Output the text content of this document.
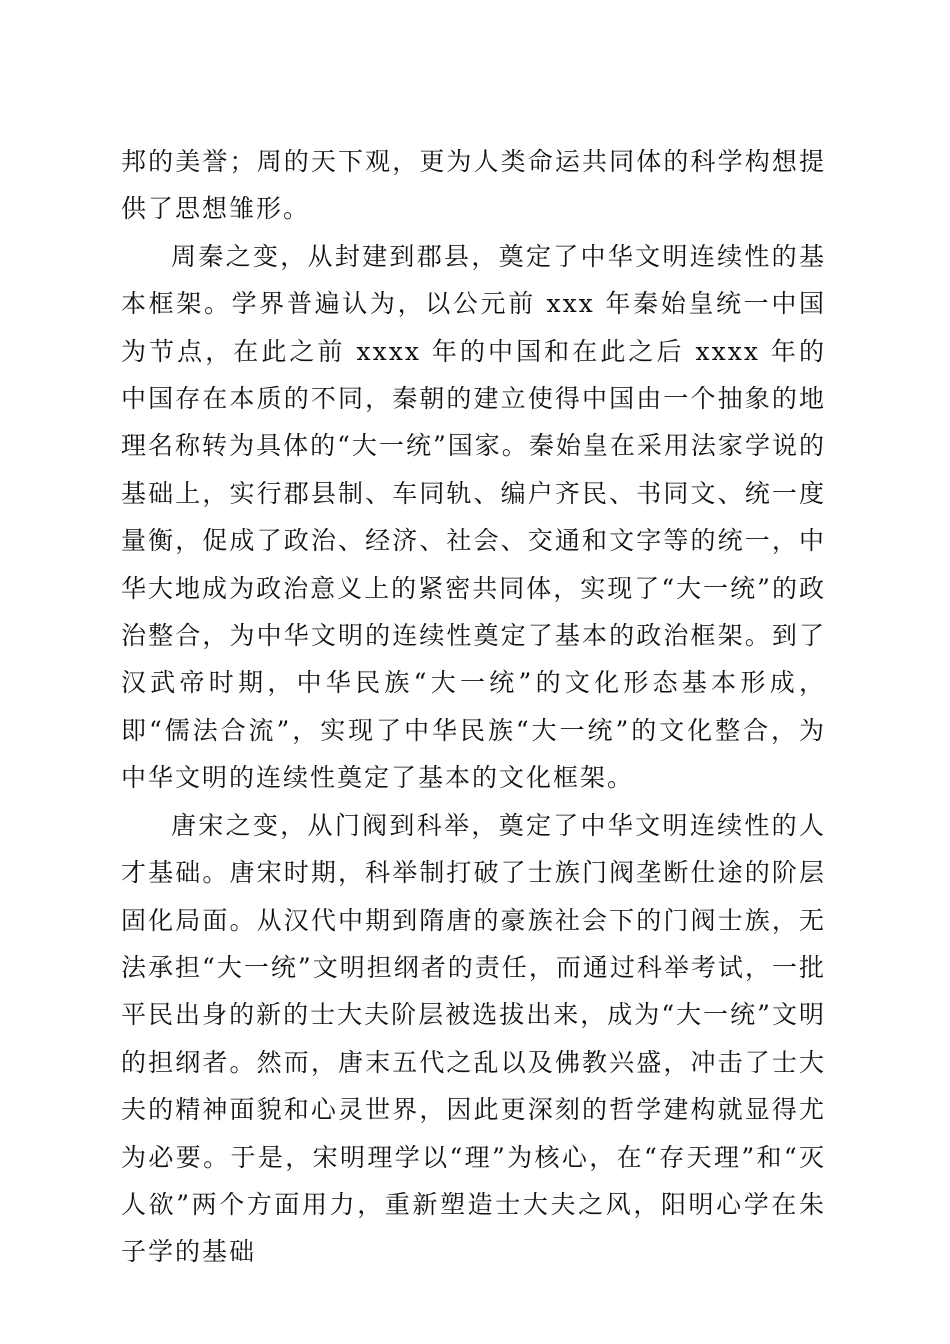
邦的美誉；周的天下观，更为人类命运共同体的科学构想提供了思想雏形。

周秦之变，从封建到郡县，奠定了中华文明连续性的基本框架。学界普遍认为，以公元前 xxx 年秦始皇统一中国为节点，在此之前 xxxx 年的中国和在此之后 xxxx 年的中国存在本质的不同，秦朝的建立使得中国由一个抽象的地理名称转为具体的“大一统”国家。秦始皇在采用法家学说的基础上，实行郡县制、车同轨、编户齐民、书同文、统一度量衡，促成了政治、经济、社会、交通和文字等的统一，中华大地成为政治意义上的紧密共同体，实现了“大一统”的政治整合，为中华文明的连续性奠定了基本的政治框架。到了汉武帝时期，中华民族“大一统”的文化形态基本形成，即“儒法合流”，实现了中华民族“大一统”的文化整合，为中华文明的连续性奠定了基本的文化框架。

唐宋之变，从门阀到科举，奠定了中华文明连续性的人才基础。唐宋时期，科举制打破了士族门阀垄断仕途的阶层固化局面。从汉代中期到隋唐的豪族社会下的门阀士族，无法承担“大一统”文明担纲者的责任，而通过科举考试，一批平民出身的新的士大夫阶层被选拔出来，成为“大一统”文明的担纲者。然而，唐末五代之乱以及佛教兴盛，冲击了士大夫的精神面貌和心灵世界，因此更深刻的哲学建构就显得尤为必要。于是，宋明理学以“理”为核心，在“存天理”和“灭人欲”两个方面用力，重新塑造士大夫之风，阳明心学在朱子学的基础
